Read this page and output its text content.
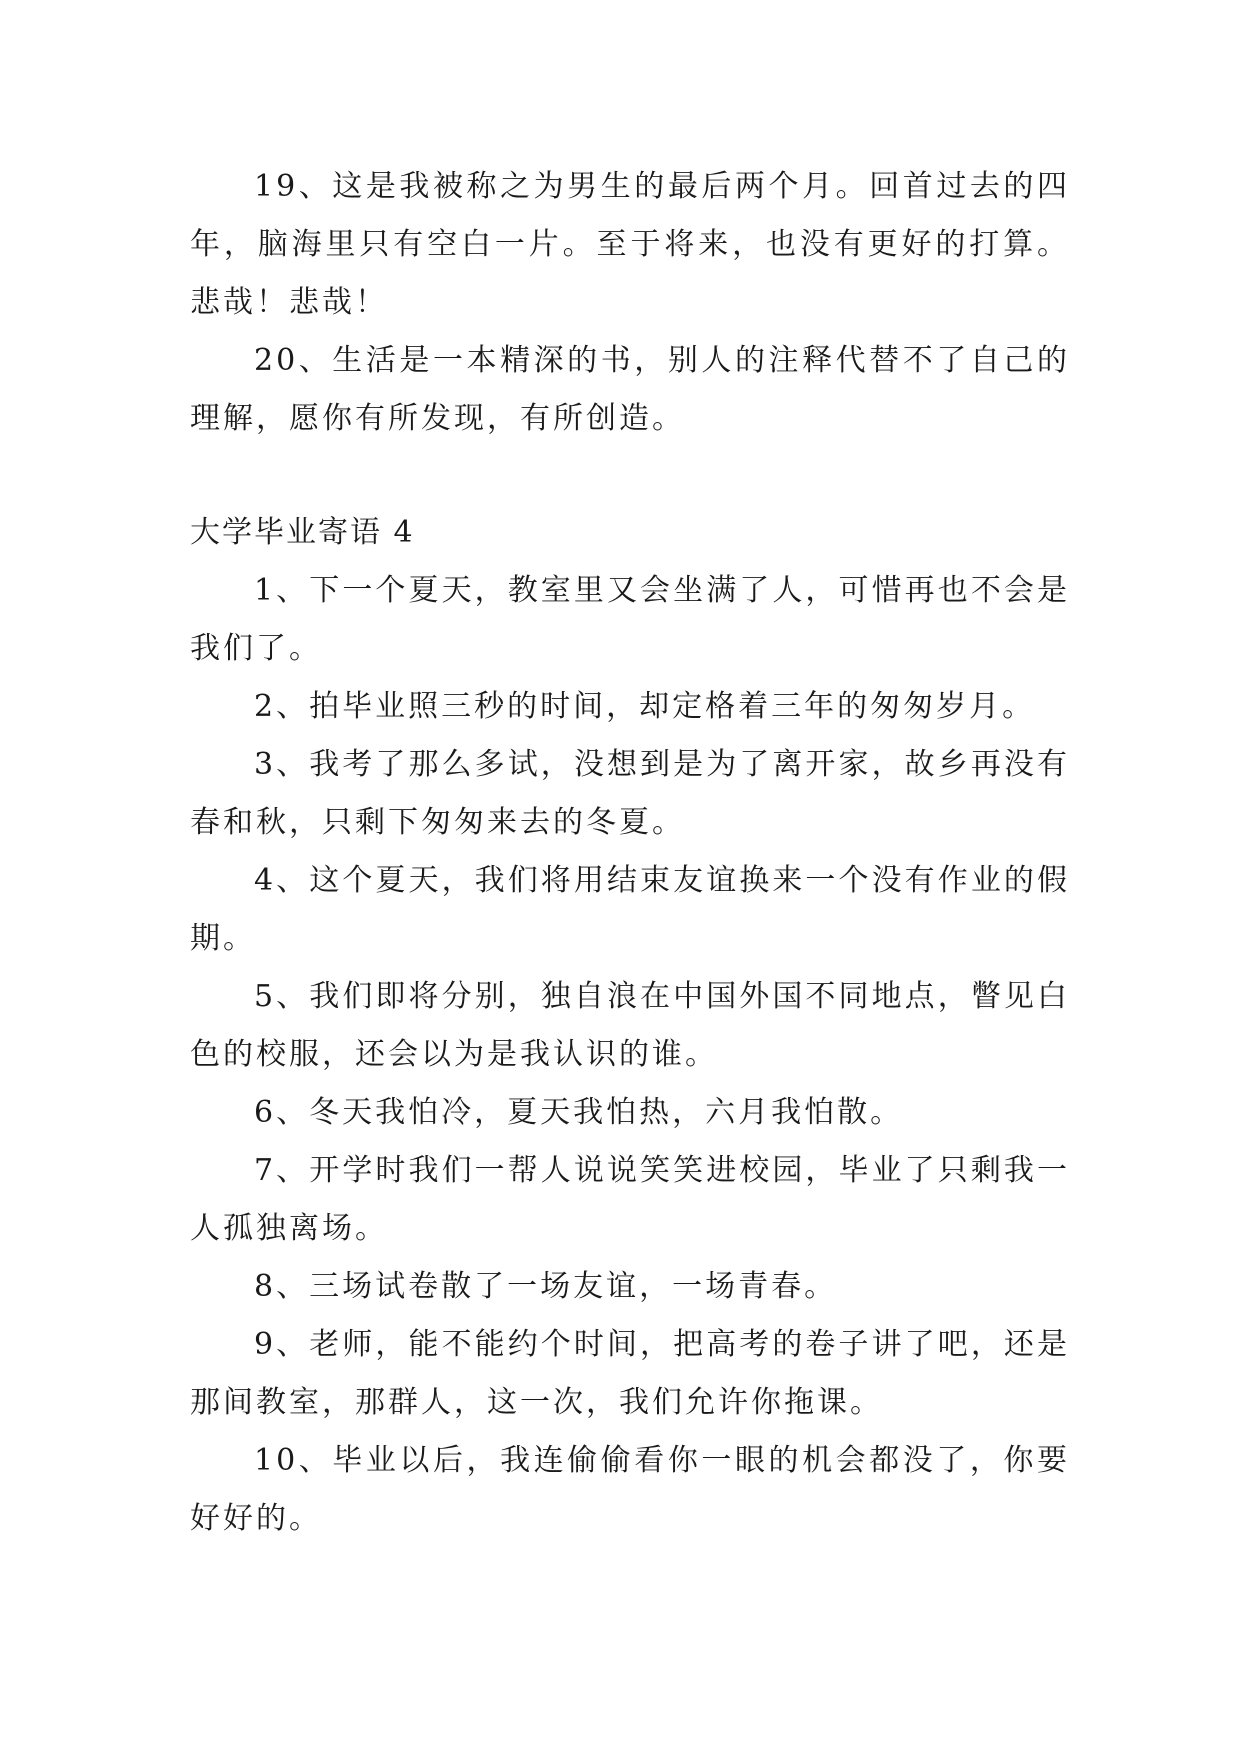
19、这是我被称之为男生的最后两个月。回首过去的四年，脑海里只有空白一片。至于将来，也没有更好的打算。悲哉！悲哉！

20、生活是一本精深的书，别人的注释代替不了自己的理解，愿你有所发现，有所创造。

大学毕业寄语 4

1、下一个夏天，教室里又会坐满了人，可惜再也不会是我们了。

2、拍毕业照三秒的时间，却定格着三年的匆匆岁月。

3、我考了那么多试，没想到是为了离开家，故乡再没有春和秋，只剩下匆匆来去的冬夏。

4、这个夏天，我们将用结束友谊换来一个没有作业的假期。

5、我们即将分别，独自浪在中国外国不同地点，瞥见白色的校服，还会以为是我认识的谁。

6、冬天我怕冷，夏天我怕热，六月我怕散。

7、开学时我们一帮人说说笑笑进校园，毕业了只剩我一人孤独离场。

8、三场试卷散了一场友谊，一场青春。

9、老师，能不能约个时间，把高考的卷子讲了吧，还是那间教室，那群人，这一次，我们允许你拖课。

10、毕业以后，我连偷偷看你一眼的机会都没了，你要好好的。
